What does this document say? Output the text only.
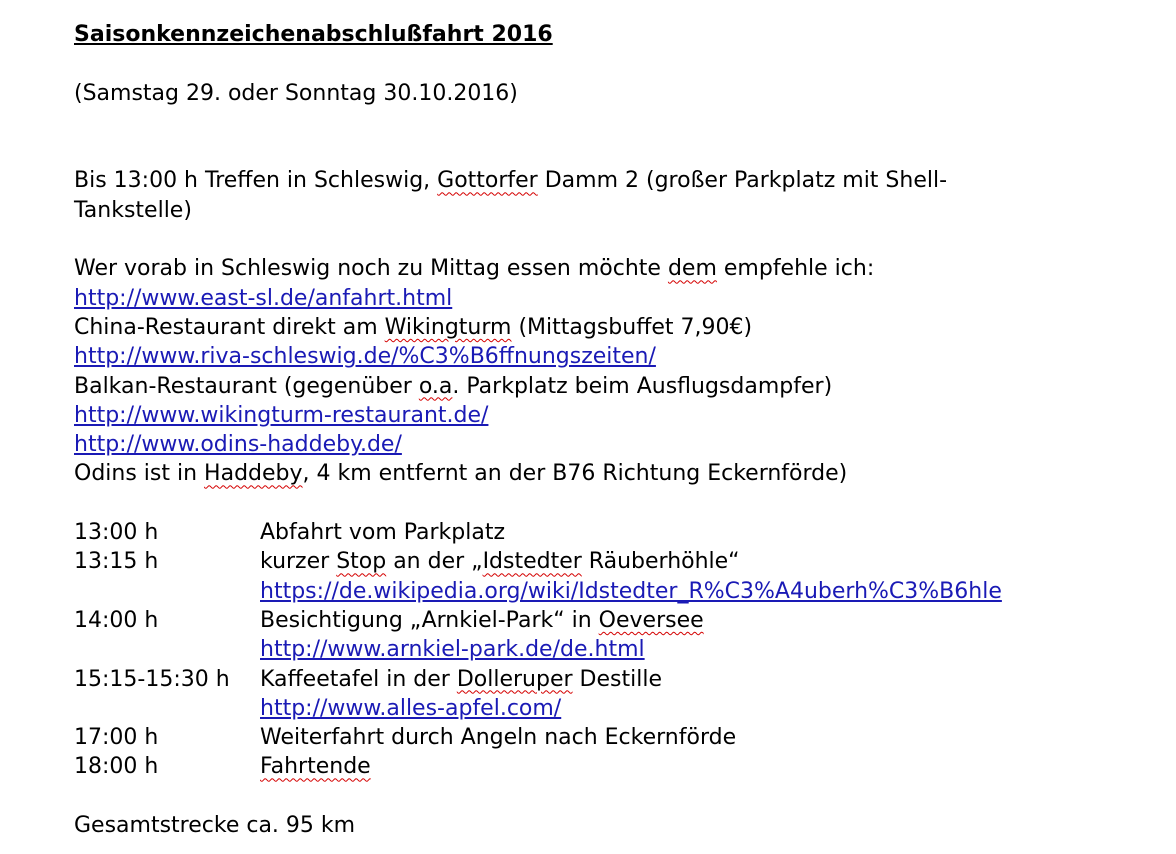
Saisonkennzeichenabschlußfahrt 2016
(Samstag 29. oder Sonntag 30.10.2016)
Bis 13:00 h Treffen in Schleswig, Gottorfer Damm 2 (großer Parkplatz mit Shell-
Tankstelle)
Wer vorab in Schleswig noch zu Mittag essen möchte dem empfehle ich:
http://www.east-sl.de/anfahrt.html
China-Restaurant direkt am Wikingturm (Mittagsbuffet 7,90€)
http://www.riva-schleswig.de/%C3%B6ffnungszeiten/
Balkan-Restaurant (gegenüber o.a. Parkplatz beim Ausflugsdampfer)
http://www.wikingturm-restaurant.de/
http://www.odins-haddeby.de/
Odins ist in Haddeby, 4 km entfernt an der B76 Richtung Eckernförde)
13:00 h	Abfahrt vom Parkplatz
13:15 h	kurzer Stop an der „Idstedter Räuberhöhle“
https://de.wikipedia.org/wiki/Idstedter_R%C3%A4uberh%C3%B6hle
14:00 h	Besichtigung „Arnkiel-Park“ in Oeversee
http://www.arnkiel-park.de/de.html
15:15-15:30 h	Kaffeetafel in der Dolleruper Destille
http://www.alles-apfel.com/
17:00 h	Weiterfahrt durch Angeln nach Eckernförde
18:00 h	Fahrtende
Gesamtstrecke ca. 95 km
